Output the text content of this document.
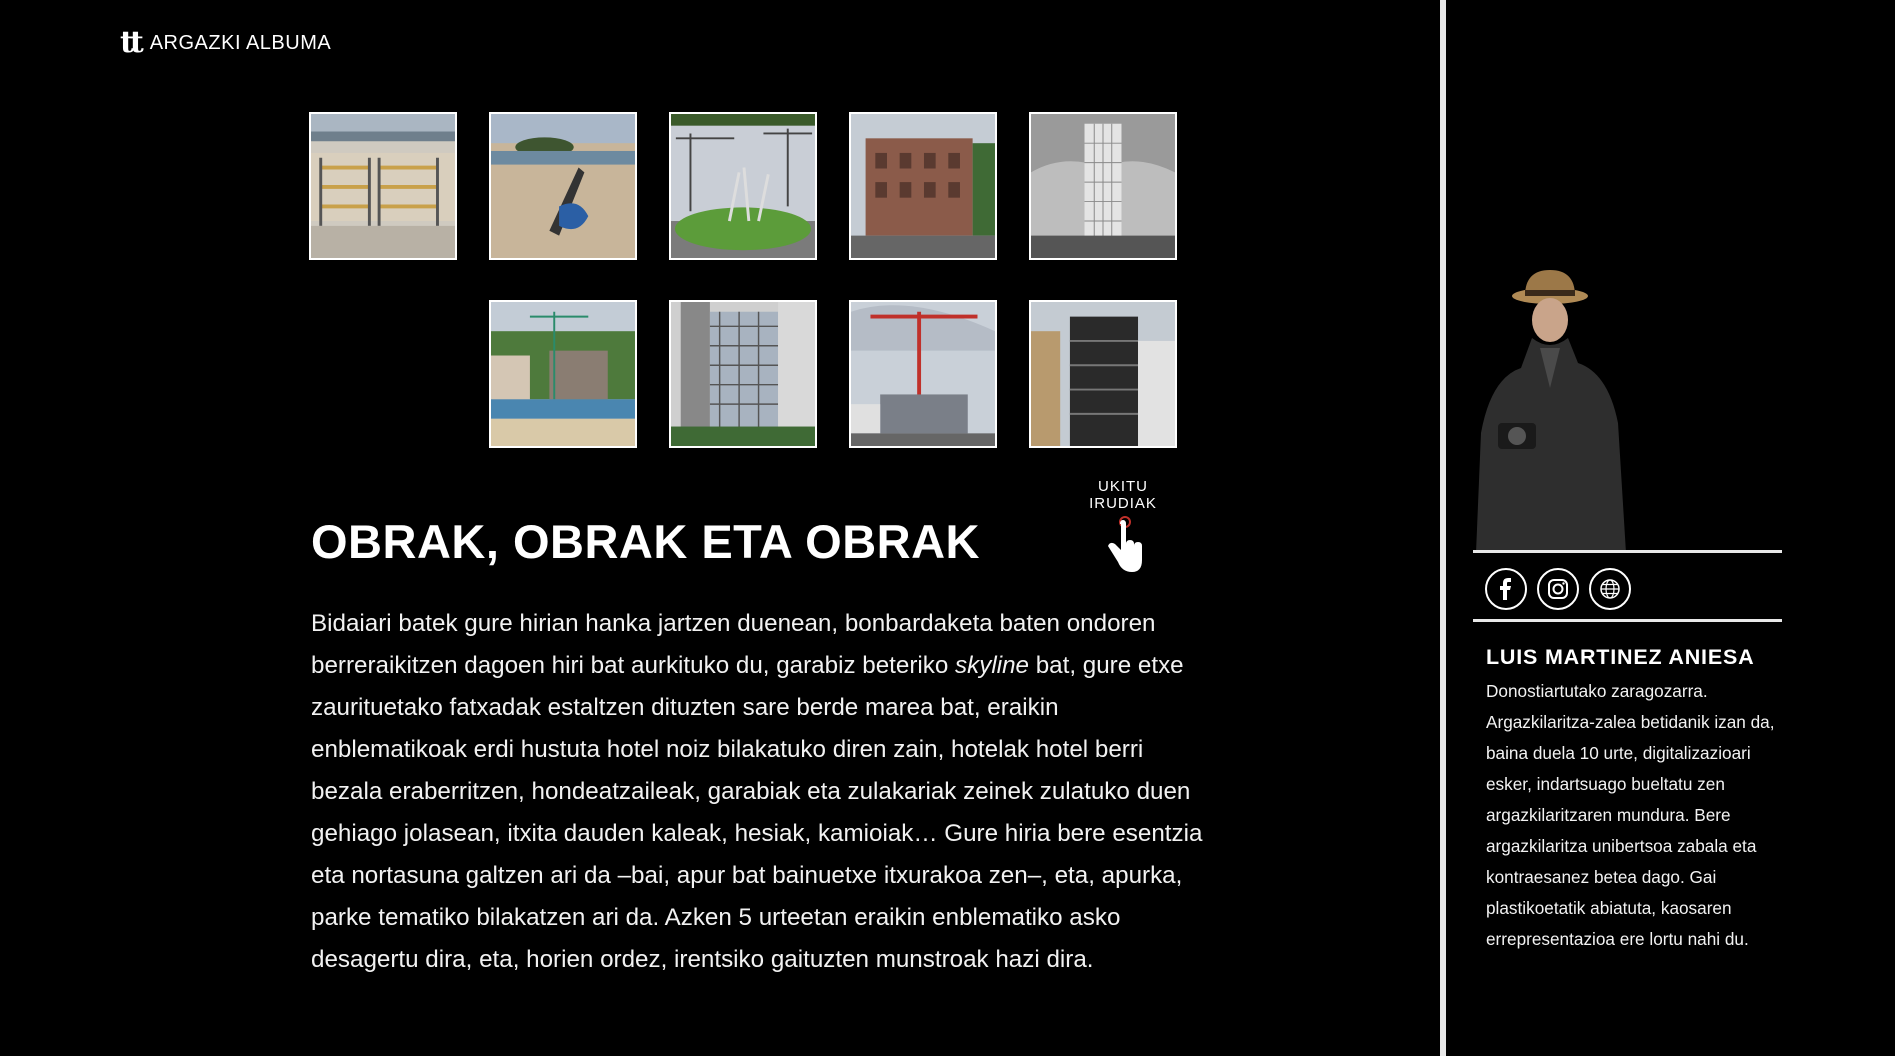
tt ARGAZKI ALBUMA
UKITU IRUDIAK
OBRAK, OBRAK ETA OBRAK

Bidaiari batek gure hirian hanka jartzen duenean, bonbardaketa baten ondoren berreraikitzen dagoen hiri bat aurkituko du, garabiz beteriko skyline bat, gure etxe zaurituetako fatxadak estaltzen dituzten sare berde marea bat, eraikin enblematikoak erdi hustuta hotel noiz bilakatuko diren zain, hotelak hotel berri bezala eraberritzen, hondeatzaileak, garabiak eta zulakariak zeinek zulatuko duen gehiago jolasean, itxita dauden kaleak, hesiak, kamioiak… Gure hiria bere esentzia eta nortasuna galtzen ari da –bai, apur bat bainuetxe itxurakoa zen–, eta, apurka, parke tematiko bilakatzen ari da. Azken 5 urteetan eraikin enblematiko asko desagertu dira, eta, horien ordez, irentsiko gaituzten munstroak hazi dira.

LUIS MARTINEZ ANIESA

Donostiartutako zaragozarra. Argazkilaritza-zalea betidanik izan da, baina duela 10 urte, digitalizazioari esker, indartsuago bueltatu zen argazkilaritzaren mundura. Bere argazkilaritza unibertsoa zabala eta kontraesanez betea dago. Gai plastikoetatik abiatuta, kaosaren errepresentazioa ere lortu nahi du.
